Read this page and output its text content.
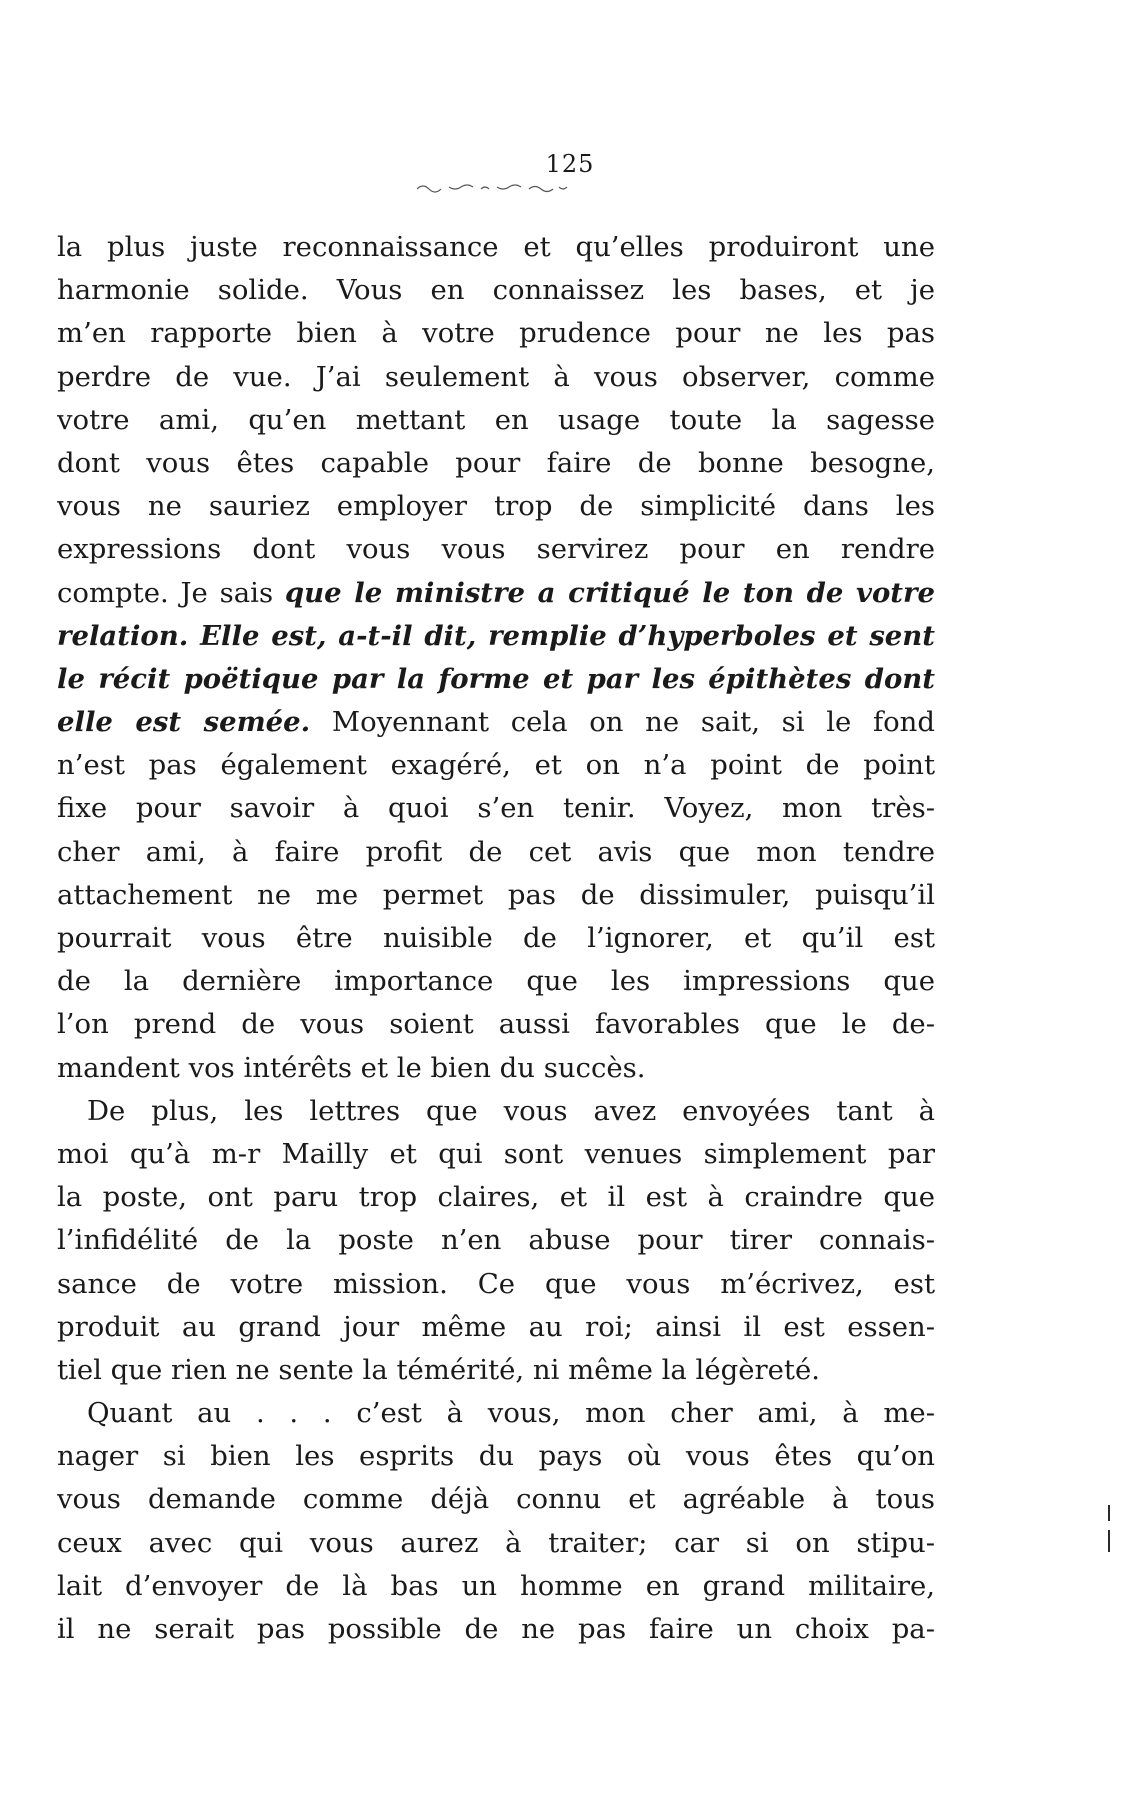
125
la plus juste reconnaissance et qu’elles produiront une
harmonie solide. Vous en connaissez les bases, et je
m’en rapporte bien à votre prudence pour ne les pas
perdre de vue. J’ai seulement à vous observer, comme
votre ami, qu’en mettant en usage toute la sagesse
dont vous êtes capable pour faire de bonne besogne,
vous ne sauriez employer trop de simplicité dans les
expressions dont vous vous servirez pour en rendre
compte. Je sais que le ministre a critiqué le ton de votre
relation. Elle est, a-t-il dit, remplie d’hyperboles et sent
le récit poëtique par la forme et par les épithètes dont
elle est semée. Moyennant cela on ne sait, si le fond
n’est pas également exagéré, et on n’a point de point
fixe pour savoir à quoi s’en tenir. Voyez, mon très-
cher ami, à faire profit de cet avis que mon tendre
attachement ne me permet pas de dissimuler, puisqu’il
pourrait vous être nuisible de l’ignorer, et qu’il est
de la dernière importance que les impressions que
l’on prend de vous soient aussi favorables que le de-
mandent vos intérêts et le bien du succès.
De plus, les lettres que vous avez envoyées tant à
moi qu’à m-r Mailly et qui sont venues simplement par
la poste, ont paru trop claires, et il est à craindre que
l’infidélité de la poste n’en abuse pour tirer connais-
sance de votre mission. Ce que vous m’écrivez, est
produit au grand jour même au roi; ainsi il est essen-
tiel que rien ne sente la témérité, ni même la légèreté.
Quant au . . . c’est à vous, mon cher ami, à me-
nager si bien les esprits du pays où vous êtes qu’on
vous demande comme déjà connu et agréable à tous
ceux avec qui vous aurez à traiter; car si on stipu-
lait d’envoyer de là bas un homme en grand militaire,
il ne serait pas possible de ne pas faire un choix pa-
